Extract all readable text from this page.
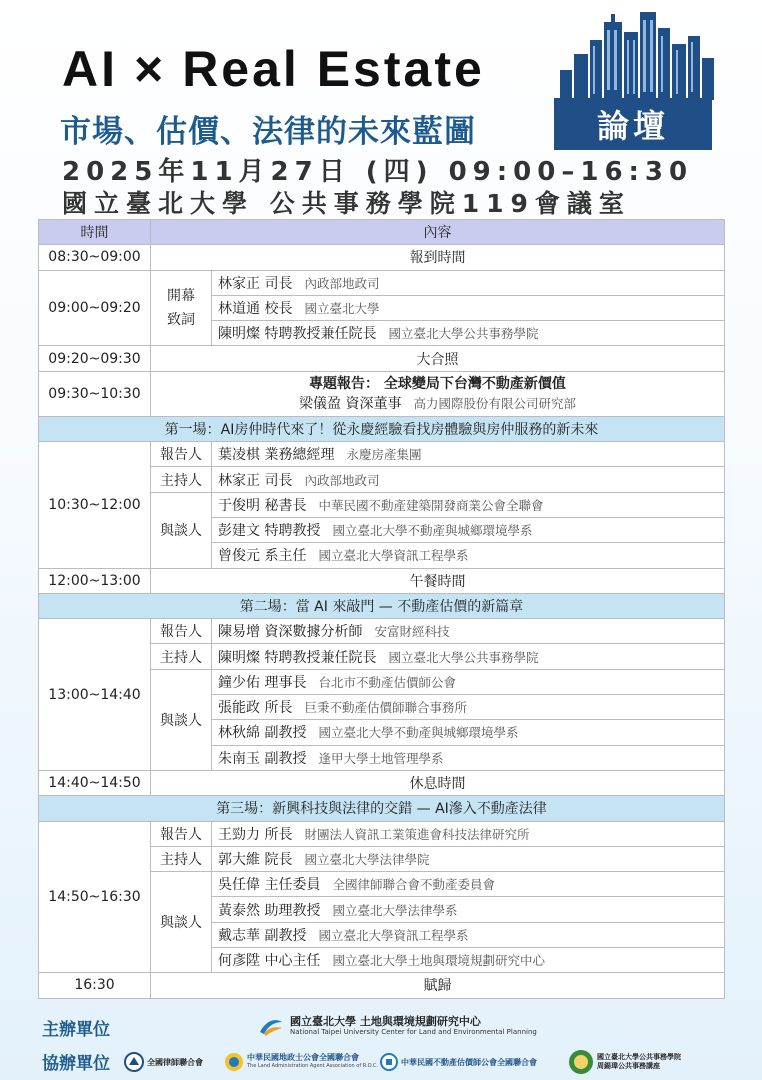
AI × Real Estate
市場、估價、法律的未來藍圖	論壇
2025年11月27日 (四) 09:00–16:30
國立臺北大學 公共事務學院119會議室
時間	內容	
08:30~09:00	報到時間	
09:00~09:20	開幕致詞	林家正 司長 內政部地政司
		林道通 校長 國立臺北大學
		陳明燦 特聘教授兼任院長 國立臺北大學公共事務學院
09:20~09:30	大合照	
09:30~10:30	專題報告： 全球變局下台灣不動產新價值
梁儀盈 資深董事 高力國際股份有限公司研究部	

第一場：AI房仲時代來了！從永慶經驗看找房體驗與房仲服務的新未來		
10:30~12:00	報告人	葉凌棋 業務總經理 永慶房產集團
	主持人	林家正 司長 內政部地政司
	與談人	于俊明 秘書長 中華民國不動產建築開發商業公會全聯會
		彭建文 特聘教授 國立臺北大學不動產與城鄉環境學系
		曾俊元 系主任 國立臺北大學資訊工程學系
12:00~13:00	午餐時間	
第二場：當 AI 來敲門 — 不動產估價的新篇章		
13:00~14:40	報告人	陳易增 資深數據分析師 安富財經科技
	主持人	陳明燦 特聘教授兼任院長 國立臺北大學公共事務學院
	與談人	鐘少佑 理事長 台北市不動產估價師公會
		張能政 所長 巨秉不動產估價師聯合事務所
		林秋綿 副教授 國立臺北大學不動產與城鄉環境學系
		朱南玉 副教授 逢甲大學土地管理學系
14:40~14:50	休息時間	
第三場：新興科技與法律的交錯 — AI滲入不動產法律		
14:50~16:30	報告人	王勁力 所長 財團法人資訊工業策進會科技法律研究所
	主持人	郭大維 院長 國立臺北大學法律學院
	與談人	吳任偉 主任委員 全國律師聯合會不動產委員會
		黃泰然 助理教授 國立臺北大學法律學系
		戴志華 副教授 國立臺北大學資訊工程學系
		何彥陞 中心主任 國立臺北大學土地與環境規劃研究中心
16:30	賦歸	
主辦單位	國立臺北大學 土地與環境規劃研究中心
National Taipei University Center for Land and Environmental Planning
協辦單位	全國律師聯合會	中華民國地政士公會全國聯合會
The Land Administration Agent Association of R.O.C.	中華民國不動產估價師公會全國聯合會
國立臺北大學公共事務學院
周錫瑋公共事務講座
